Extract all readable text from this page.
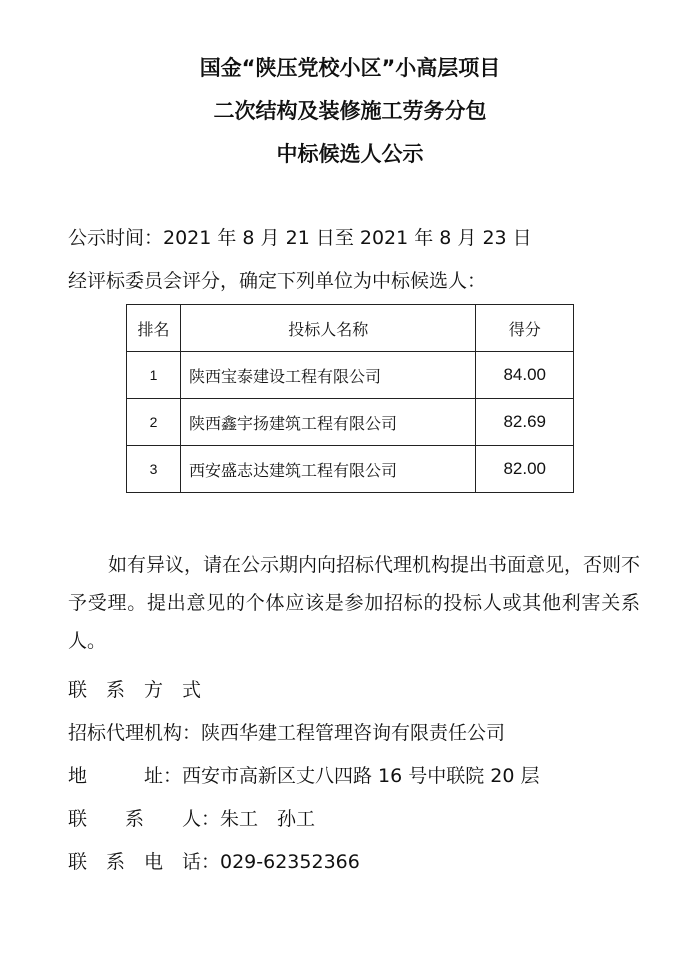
国金“陕压党校小区”小高层项目
二次结构及装修施工劳务分包
中标候选人公示
公示时间：2021 年 8 月 21 日至 2021 年 8 月 23 日
经评标委员会评分，确定下列单位为中标候选人：
排名	投标人名称	得分
1	陕西宝泰建设工程有限公司	84.00
2	陕西鑫宇扬建筑工程有限公司	82.69
3	西安盛志达建筑工程有限公司	82.00
如有异议，请在公示期内向招标代理机构提出书面意见，否则不予受理。提出意见的个体应该是参加招标的投标人或其他利害关系人。
联　系　方　式
招标代理机构：陕西华建工程管理咨询有限责任公司
地　　　址：西安市高新区丈八四路 16 号中联院 20 层
联　　系　　人：朱工　孙工
联　系　电　话：029-62352366
